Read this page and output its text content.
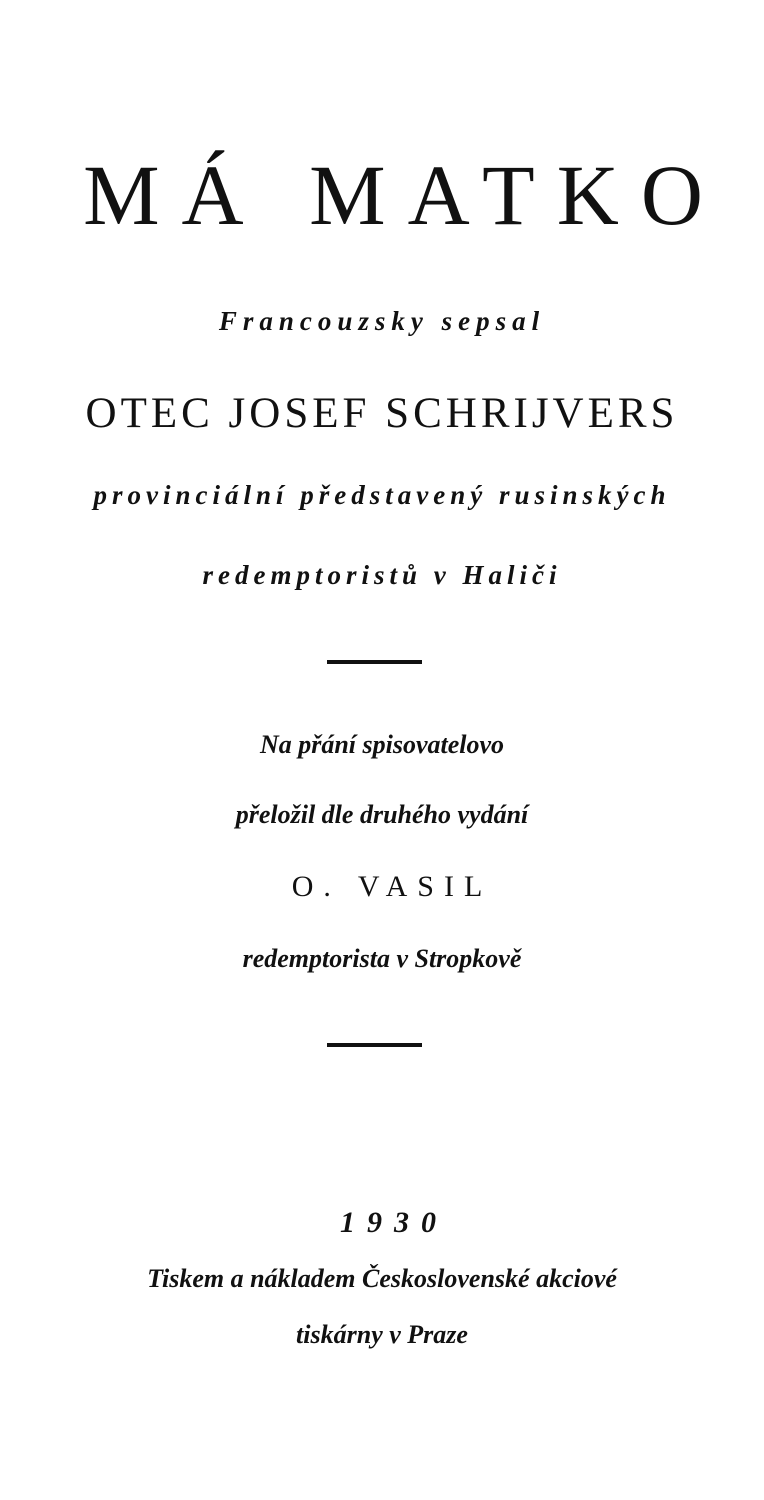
MÁ MATKO
Francouzsky sepsal
OTEC JOSEF SCHRIJVERS
provinciální představený rusinských
redemptoristů v Haliči
Na přání spisovatelovo
přeložil dle druhého vydání
O. VASIL
redemptorista v Stropkově
1930
Tiskem a nákladem Československé akciové
tiskárny v Praze
